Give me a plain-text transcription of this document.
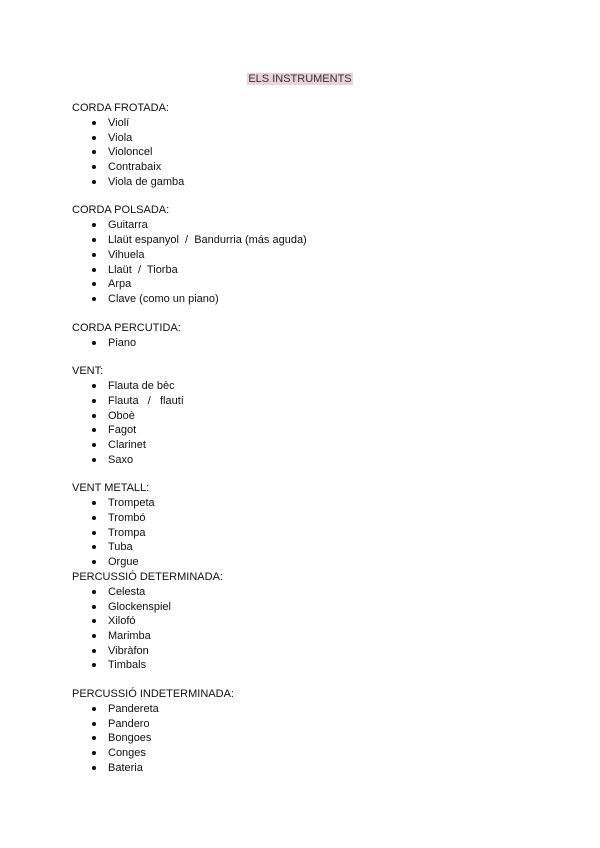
ELS INSTRUMENTS

CORDA FROTADA:

Violí
Viola
Violoncel
Contrabaix
Viola de gamba

CORDA POLSADA:

Guitarra
Llaüt espanyol  /  Bandurria (más aguda)
Vihuela
Llaüt  /  Tiorba
Arpa
Clave (como un piano)

CORDA PERCUTIDA:

Piano

VENT:

Flauta de bèc
Flauta   /   flautí
Oboè
Fagot
Clarinet
Saxo

VENT METALL:

Trompeta
Trombó
Trompa
Tuba
Orgue

PERCUSSIÓ DETERMINADA:

Celesta
Glockenspiel
Xilofó
Marimba
Vibràfon
Timbals

PERCUSSIÓ INDETERMINADA:

Pandereta
Pandero
Bongoes
Conges
Bateria
